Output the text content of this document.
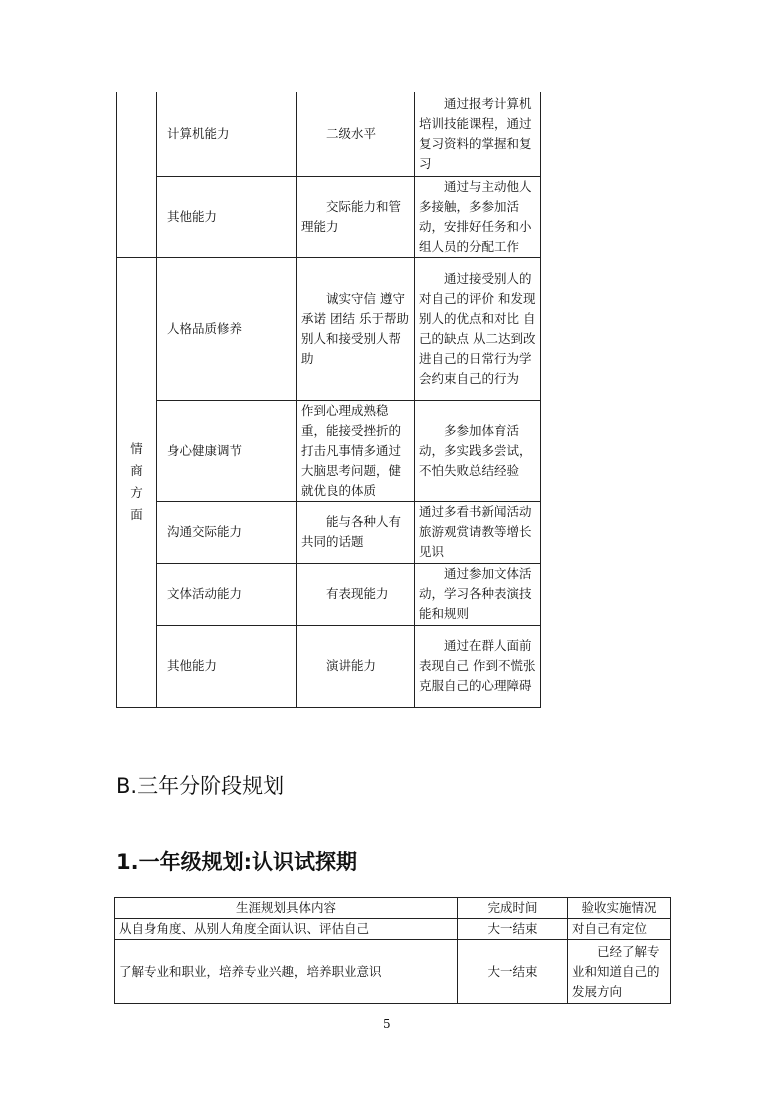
	计算机能力	二级水平	通过报考计算机培训技能课程，通过复习资料的掌握和复习
	其他能力	交际能力和管理能力	通过与主动他人多接触，多参加活动，安排好任务和小组人员的分配工作
情商方面	人格品质修养	诚实守信 遵守承诺 团结 乐于帮助别人和接受别人帮助	通过接受别人的对自己的评价 和发现别人的优点和对比 自己的缺点 从二达到改进自己的日常行为学会约束自己的行为
	身心健康调节	作到心理成熟稳重，能接受挫折的打击凡事情多通过大脑思考问题，健就优良的体质	多参加体育活动，多实践多尝试，不怕失败总结经验
	沟通交际能力	能与各种人有共同的话题	通过多看书新闻活动旅游观赏请教等增长见识
	文体活动能力	有表现能力	通过参加文体活动，学习各种表演技能和规则
	其他能力	演讲能力	通过在群人面前表现自己 作到不慌张 克服自己的心理障碍
B.三年分阶段规划
1.一年级规划:认识试探期
生涯规划具体内容	完成时间	验收实施情况
从自身角度、从别人角度全面认识、评估自己	大一结束	对自己有定位
了解专业和职业，培养专业兴趣，培养职业意识	大一结束	已经了解专业和知道自己的发展方向
5
